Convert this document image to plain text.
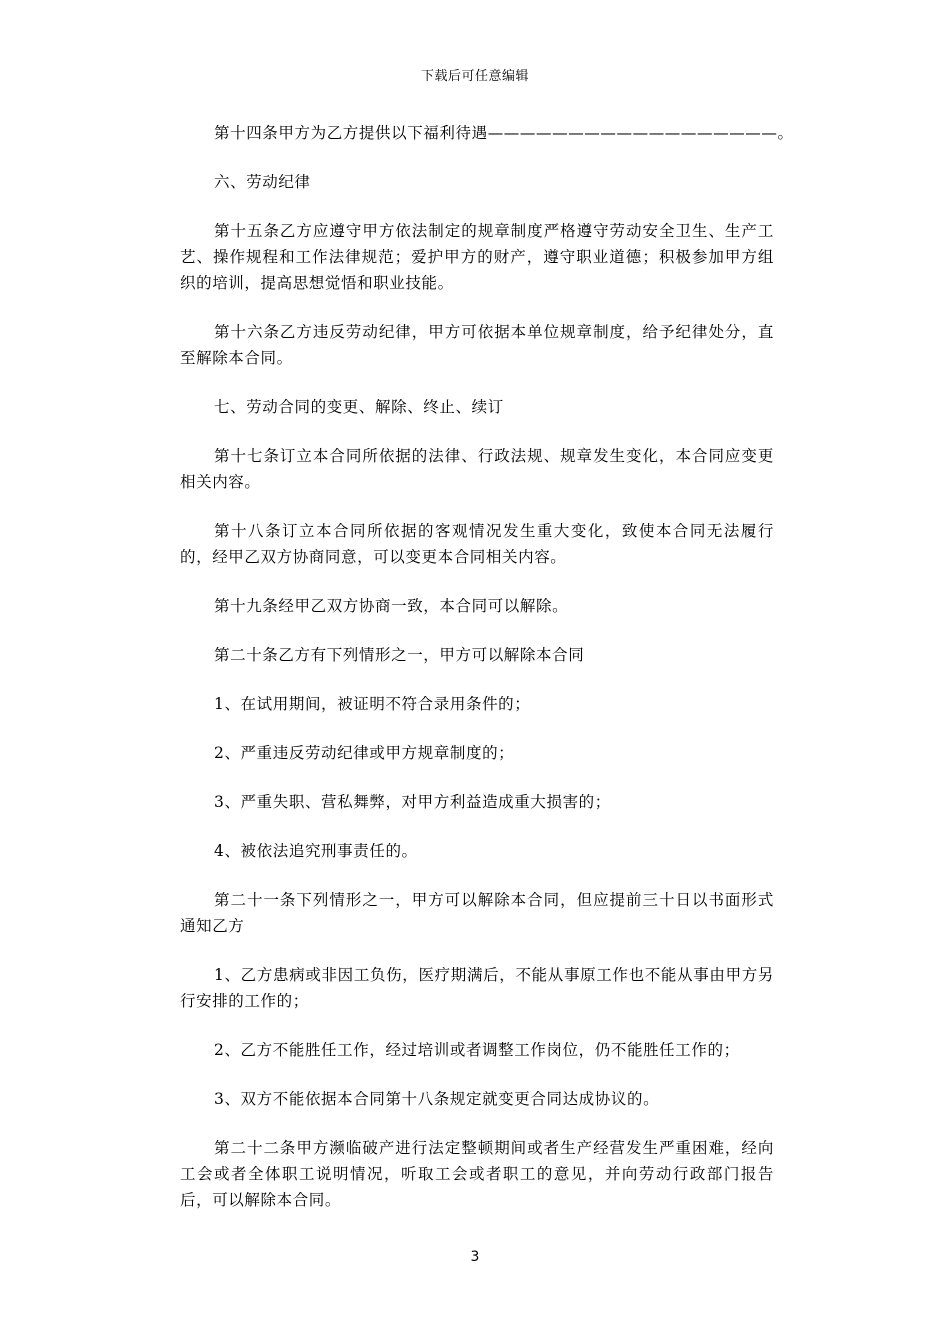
下载后可任意编辑

第十四条甲方为乙方提供以下福利待遇——————————————————。

六、劳动纪律

第十五条乙方应遵守甲方依法制定的规章制度严格遵守劳动安全卫生、生产工艺、操作规程和工作法律规范；爱护甲方的财产，遵守职业道德；积极参加甲方组织的培训，提高思想觉悟和职业技能。

第十六条乙方违反劳动纪律，甲方可依据本单位规章制度，给予纪律处分，直至解除本合同。

七、劳动合同的变更、解除、终止、续订

第十七条订立本合同所依据的法律、行政法规、规章发生变化，本合同应变更相关内容。

第十八条订立本合同所依据的客观情况发生重大变化，致使本合同无法履行的，经甲乙双方协商同意，可以变更本合同相关内容。

第十九条经甲乙双方协商一致，本合同可以解除。

第二十条乙方有下列情形之一，甲方可以解除本合同

1、在试用期间，被证明不符合录用条件的；

2、严重违反劳动纪律或甲方规章制度的；

3、严重失职、营私舞弊，对甲方利益造成重大损害的；

4、被依法追究刑事责任的。

第二十一条下列情形之一，甲方可以解除本合同，但应提前三十日以书面形式通知乙方

1、乙方患病或非因工负伤，医疗期满后，不能从事原工作也不能从事由甲方另行安排的工作的；

2、乙方不能胜任工作，经过培训或者调整工作岗位，仍不能胜任工作的；

3、双方不能依据本合同第十八条规定就变更合同达成协议的。

第二十二条甲方濒临破产进行法定整顿期间或者生产经营发生严重困难，经向工会或者全体职工说明情况，听取工会或者职工的意见，并向劳动行政部门报告后，可以解除本合同。

3
